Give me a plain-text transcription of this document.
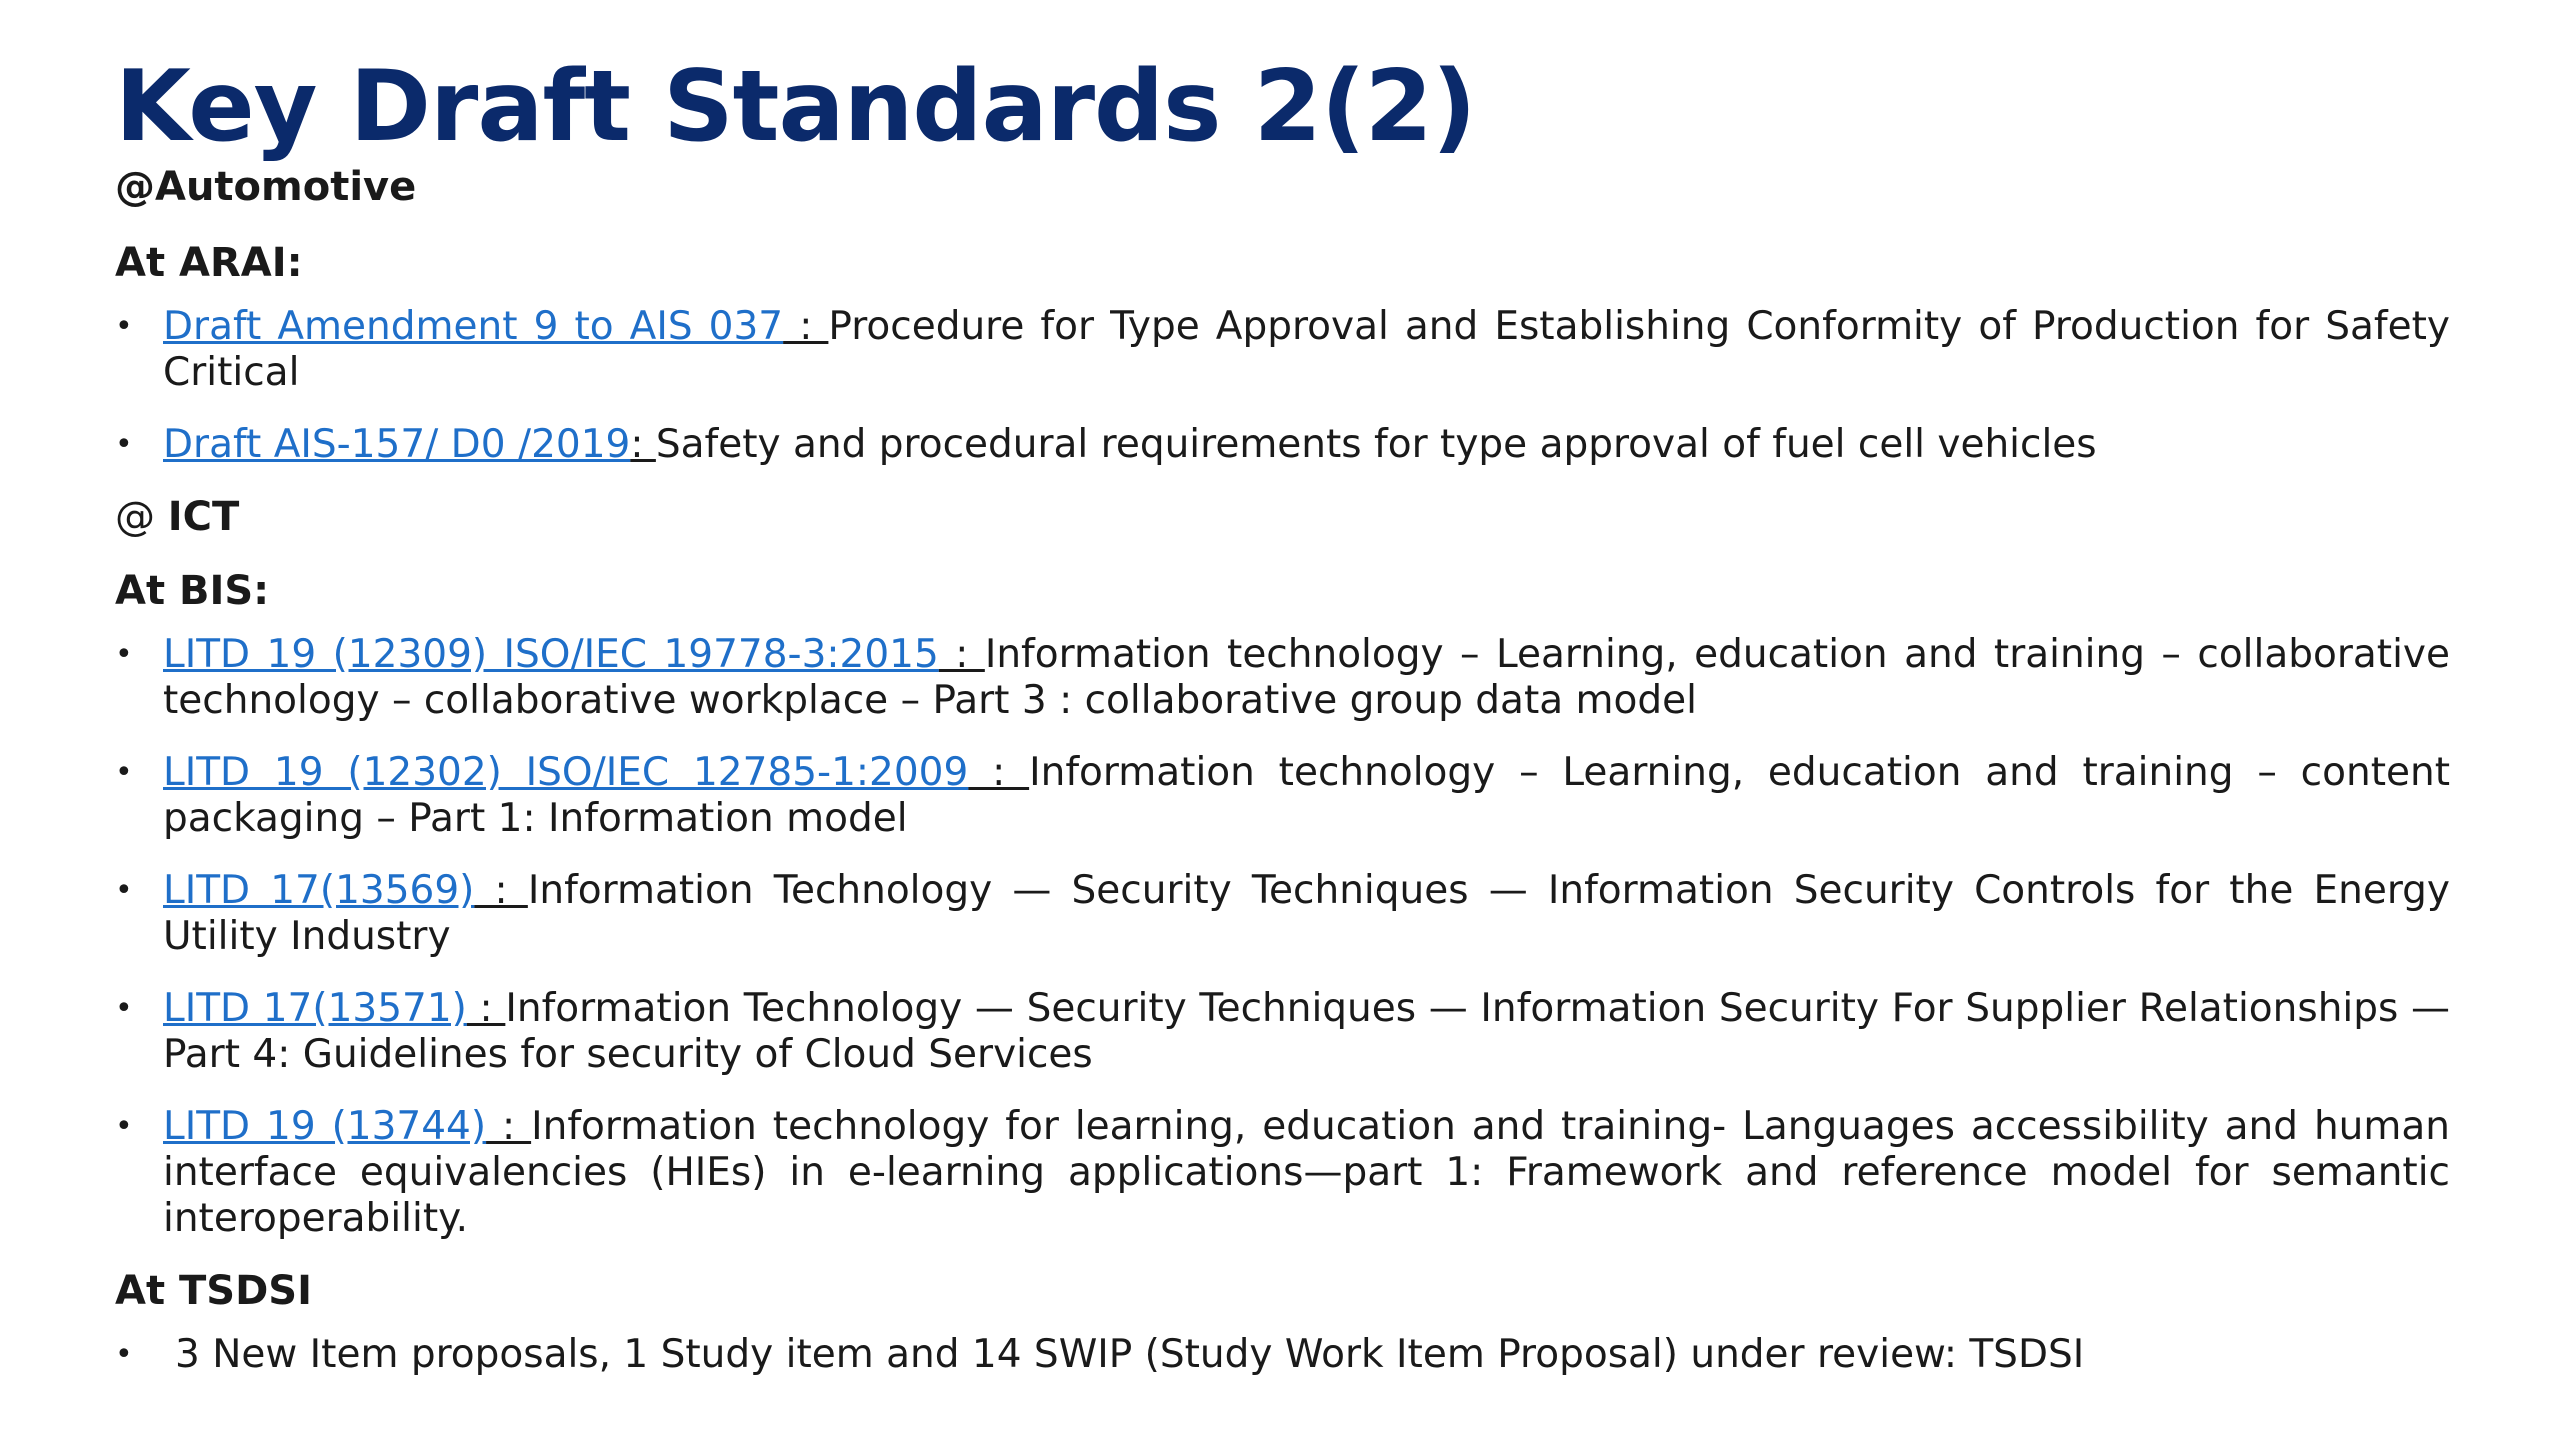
Key Draft Standards 2(2)
@Automotive
At ARAI:
• Draft Amendment 9 to AIS 037 : Procedure for Type Approval and Establishing Conformity of Production for Safety Critical
• Draft AIS-157/ D0 /2019: Safety and procedural requirements for type approval of fuel cell vehicles
@ ICT
At BIS:
• LITD 19 (12309) ISO/IEC 19778-3:2015 : Information technology – Learning, education and training – collaborative technology – collaborative workplace – Part 3 : collaborative group data model
• LITD 19 (12302) ISO/IEC 12785-1:2009 : Information technology – Learning, education and training – content packaging – Part 1: Information model
• LITD 17(13569) : Information Technology — Security Techniques — Information Security Controls for the Energy Utility Industry
• LITD 17(13571) : Information Technology — Security Techniques — Information Security For Supplier Relationships — Part 4: Guidelines for security of Cloud Services
• LITD 19 (13744) : Information technology for learning, education and training- Languages accessibility and human interface equivalencies (HIEs) in e-learning applications—part 1: Framework and reference model for semantic interoperability.
At TSDSI
• 3 New Item proposals, 1 Study item and 14 SWIP (Study Work Item Proposal) under review: TSDSI
